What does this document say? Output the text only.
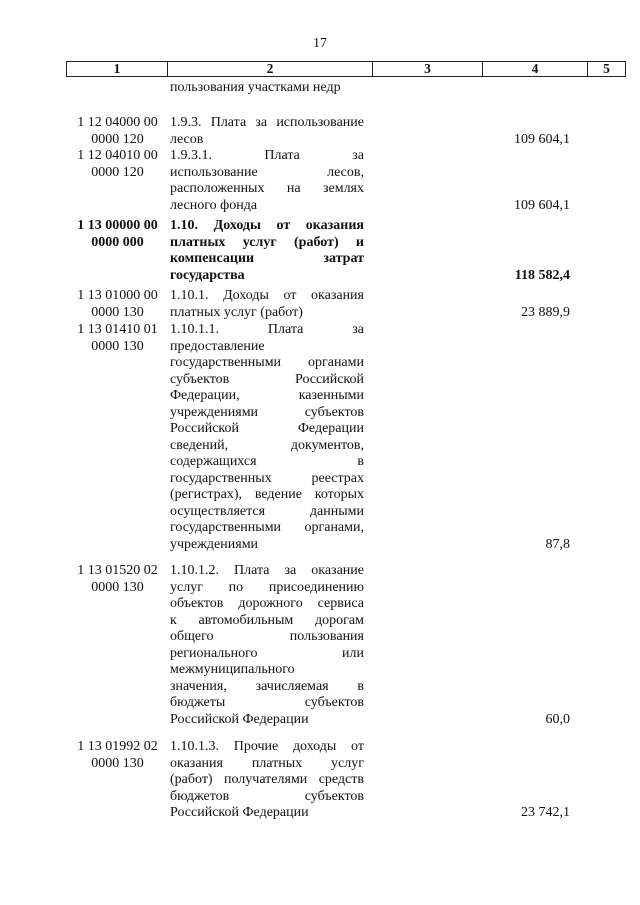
17
1	2	3	4	5
пользования участками недр
1 12 04000 00
0000 120
1.9.3. Плата за использование
лесов	109 604,1
1 12 04010 00
0000 120
1.9.3.1.	Плата	за
использование	лесов,
расположенных на землях
лесного фонда	109 604,1
1 13 00000 00
0000 000
1.10. Доходы от оказания
платных услуг (работ) и
компенсации	затрат
государства	118 582,4
1 13 01000 00
0000 130
1.10.1. Доходы от оказания
платных услуг (работ)	23 889,9
1 13 01410 01
0000 130
1.10.1.1.	Плата	за
предоставление
государственными органами
субъектов	Российской
Федерации,	казенными
учреждениями	субъектов
Российской	Федерации
сведений,	документов,
содержащихся	в
государственных	реестрах
(регистрах), ведение которых
осуществляется	данными
государственными органами,
учреждениями	87,8
1 13 01520 02
0000 130
1.10.1.2. Плата за оказание
услуг по присоединению
объектов дорожного сервиса
к автомобильным дорогам
общего	пользования
регионального	или
межмуниципального
значения, зачисляемая в
бюджеты	субъектов
Российской Федерации	60,0
1 13 01992 02
0000 130
1.10.1.3. Прочие доходы от
оказания платных услуг
(работ) получателями средств
бюджетов	субъектов
Российской Федерации	23 742,1
